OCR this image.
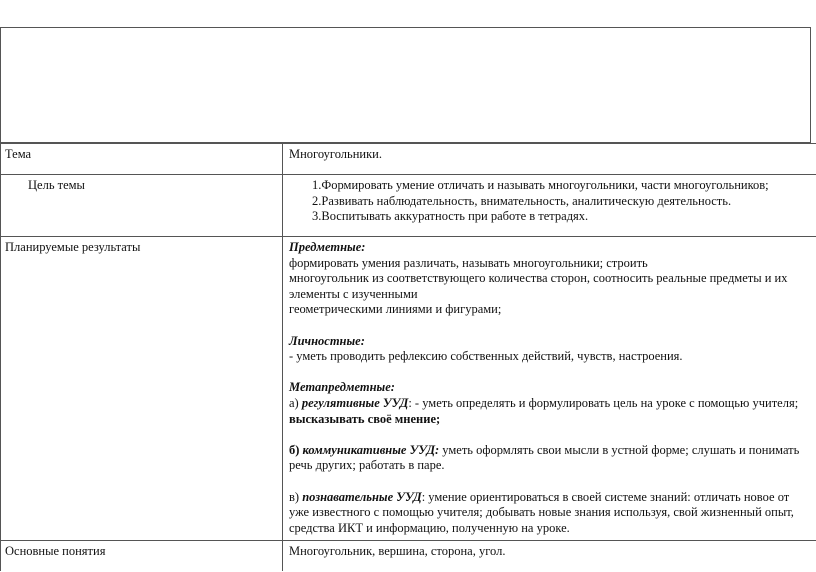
Тема	Многоугольники.
Цель темы	1.Формировать умение отличать и называть многоугольники, части многоугольников;
2.Развивать наблюдательность, внимательность, аналитическую деятельность.
3.Воспитывать аккуратность при работе в тетрадях.
Планируемые результаты	Предметные:
формировать умения различать, называть многоугольники; строить
многоугольник из соответствующего количества сторон, соотносить реальные предметы и их
элементы с изученными
геометрическими линиями и фигурами;
Личностные:
- уметь проводить рефлексию собственных действий, чувств, настроения.
Метапредметные:
а) регулятивные УУД: - уметь определять и формулировать цель на уроке с помощью учителя;
высказывать своё мнение;
б) коммуникативные УУД: уметь оформлять свои мысли в устной форме; слушать и понимать
речь других; работать в паре.
в) познавательные УУД: умение ориентироваться в своей системе знаний: отличать новое от
уже известного с помощью учителя; добывать новые знания используя, свой жизненный опыт,
средства ИКТ и информацию, полученную на уроке.
Основные понятия	Многоугольник, вершина, сторона, угол.
